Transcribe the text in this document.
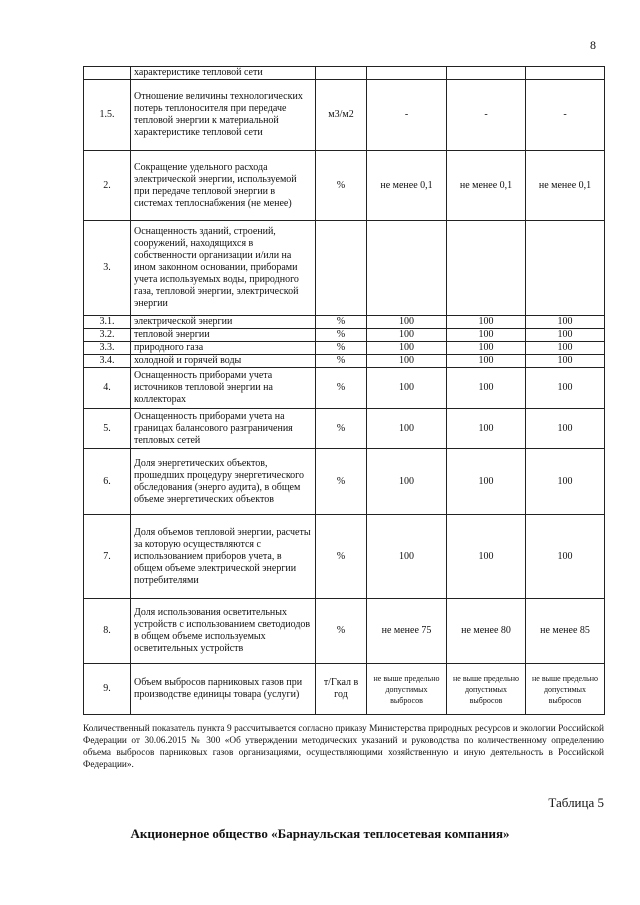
8
	характеристике тепловой сети				
1.5.	Отношение величины технологических потерь теплоносителя при передаче тепловой энергии к материальной характеристике тепловой сети	м3/м2	-	-	-
2.	Сокращение удельного расхода электрической энергии, используемой при передаче тепловой энергии в системах теплоснабжения (не менее)	%	не менее 0,1	не менее 0,1	не менее 0,1
3.	Оснащенность зданий, строений, сооружений, находящихся в собственности организации и/или на ином законном основании, приборами учета используемых воды, природного газа, тепловой энергии, электрической энергии				
3.1.	электрической энергии	%	100	100	100
3.2.	тепловой энергии	%	100	100	100
3.3.	природного газа	%	100	100	100
3.4.	холодной и горячей воды	%	100	100	100
4.	Оснащенность приборами учета источников тепловой энергии на коллекторах	%	100	100	100
5.	Оснащенность приборами учета на границах балансового разграничения тепловых сетей	%	100	100	100
6.	Доля энергетических объектов, прошедших процедуру энергетического обследования (энерго аудита), в общем объеме энергетических объектов	%	100	100	100
7.	Доля объемов тепловой энергии, расчеты за которую осуществляются с использованием приборов учета, в общем объеме электрической энергии потребителями	%	100	100	100
8.	Доля использования осветительных устройств с использованием светодиодов в общем объеме используемых осветительных устройств	%	не менее 75	не менее 80	не менее 85
9.	Объем выбросов парниковых газов при производстве единицы товара (услуги)	т/Гкал в год	не выше предельно допустимых выбросов	не выше предельно допустимых выбросов	не выше предельно допустимых выбросов
Количественный показатель пункта 9 рассчитывается согласно приказу Министерства природных ресурсов и экологии Российской Федерации от 30.06.2015 № 300 «Об утверждении методических указаний и руководства по количественному определению объема выбросов парниковых газов организациями, осуществляющими хозяйственную и иную деятельность в Российской Федерации».
Таблица 5
Акционерное общество «Барнаульская теплосетевая компания»
